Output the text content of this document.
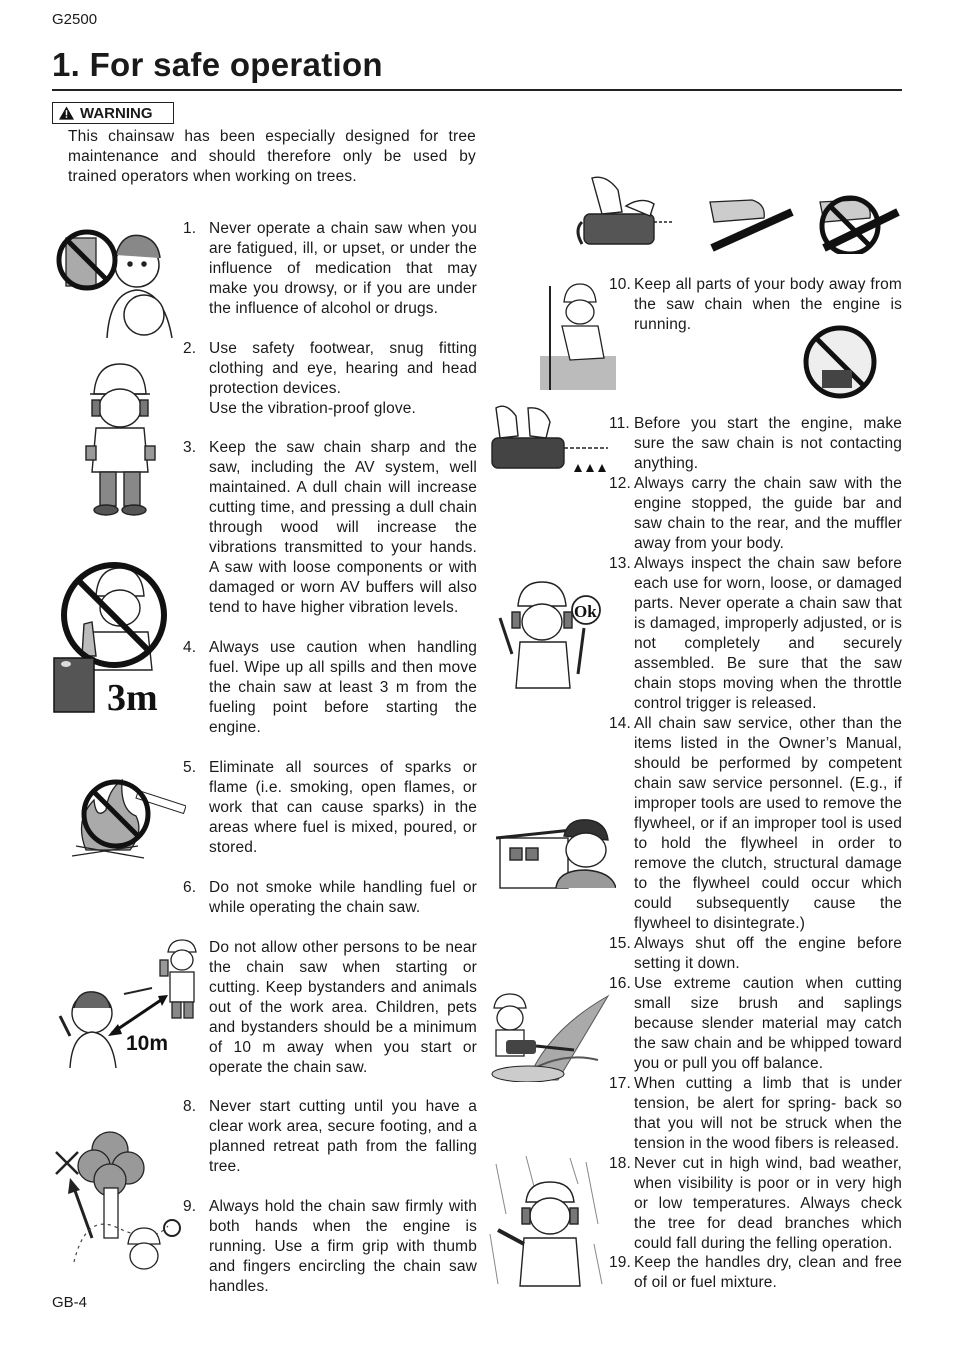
G2500
1. For safe operation
WARNING
This chainsaw has been especially designed for tree maintenance and should therefore only be used by trained operators when working on trees.
1. Never operate a chain saw when you are fatigued, ill, or upset, or under the influence of medication that may make you drowsy, or if you are under the influence of alcohol or drugs.
2. Use safety footwear, snug fitting clothing and eye, hearing and head protection devices.
Use the vibration-proof glove.
3. Keep the saw chain sharp and the saw, including the AV system, well maintained. A dull chain will increase cutting time, and pressing a dull chain through wood will increase the vibrations transmitted to your hands. A saw with loose components or with damaged or worn AV buffers will also tend to have higher vibration levels.
4. Always use caution when handling fuel. Wipe up all spills and then move the chain saw at least 3 m from the fueling point before starting the engine.
5. Eliminate all sources of sparks or flame (i.e. smoking, open flames, or work that can cause sparks) in the areas where fuel is mixed, poured, or stored.
6. Do not smoke while handling fuel or while operating the chain saw.
Do not allow other persons to be near the chain saw when starting or cutting. Keep bystanders and animals out of the work area. Children, pets and bystanders should be a minimum of 10 m away when you start or operate the chain saw.
8. Never start cutting until you have a clear work area, secure footing, and a planned retreat path from the falling tree.
9. Always hold the chain saw firmly with both hands when the engine is running. Use a firm grip with thumb and fingers encircling the chain saw handles.
10. Keep all parts of your body away from the saw chain when the engine is running.
11. Before you start the engine, make sure the saw chain is not contacting anything.
12. Always carry the chain saw with the engine stopped, the guide bar and saw chain to the rear, and the muffler away from your body.
13. Always inspect the chain saw before each use for worn, loose, or damaged parts. Never operate a chain saw that is damaged, improperly adjusted, or is not completely and securely assembled. Be sure that the saw chain stops moving when the throttle control trigger is released.
14. All chain saw service, other than the items listed in the Owner’s Manual, should be performed by competent chain saw service personnel. (E.g., if improper tools are used to remove the flywheel, or if an improper tool is used to hold the flywheel in order to remove the clutch, structural damage to the flywheel could occur which could subsequently cause the flywheel to disintegrate.)
15. Always shut off the engine before setting it down.
16. Use extreme caution when cutting small size brush and saplings because slender material may catch the saw chain and be whipped toward you or pull you off balance.
17. When cutting a limb that is under tension, be alert for spring- back so that you will not be struck when the tension in the wood fibers is released.
18. Never cut in high wind, bad weather, when visibility is poor or in very high or low temperatures. Always check the tree for dead branches which could fall during the felling operation.
19. Keep the handles dry, clean and free of oil or fuel mixture.
3m
10m
Ok
GB-4
